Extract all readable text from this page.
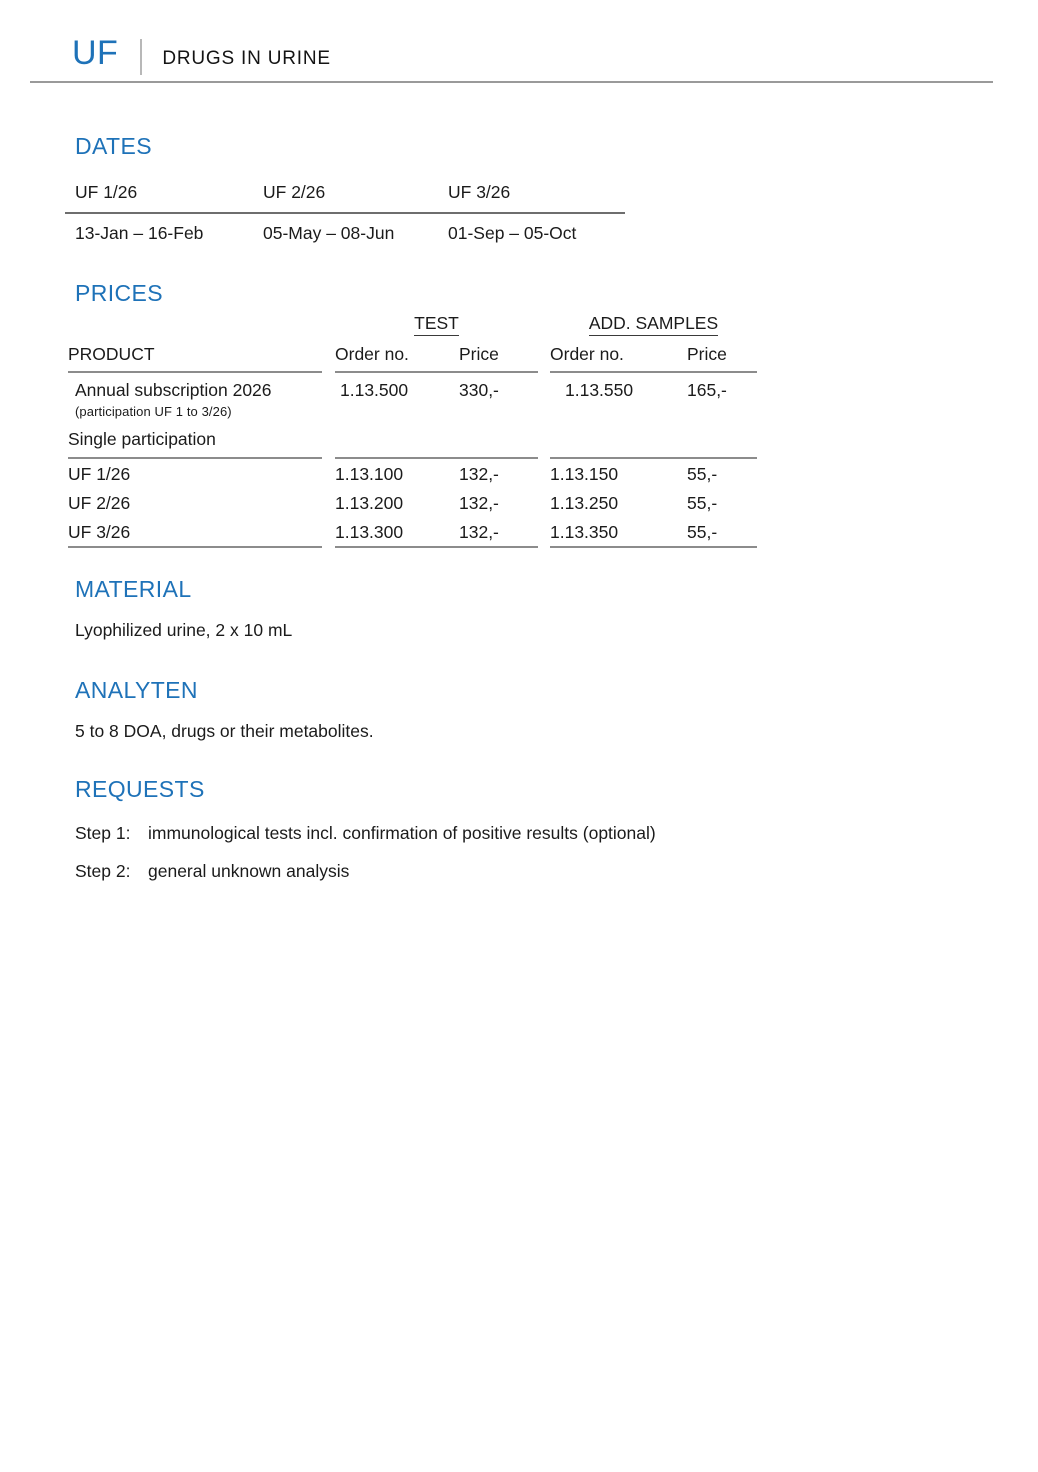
UF DRUGS IN URINE
DATES
UF 1/26	UF 2/26	UF 3/26
13-Jan – 16-Feb	05-May – 08-Jun	01-Sep – 05-Oct
PRICES
TEST	ADD. SAMPLES
PRODUCT	Order no.	Price	Order no.	Price
Annual subscription 2026
(participation UF 1 to 3/26)
1.13.500	330,-	1.13.550	165,-
Single participation
UF 1/26	1.13.100	132,-	1.13.150	55,-
UF 2/26	1.13.200	132,-	1.13.250	55,-
UF 3/26	1.13.300	132,-	1.13.350	55,-
MATERIAL
Lyophilized urine, 2 x 10 mL
ANALYTEN
5 to 8 DOA, drugs or their metabolites.
REQUESTS
Step 1:	immunological tests incl. confirmation of positive results (optional)
Step 2:	general unknown analysis
